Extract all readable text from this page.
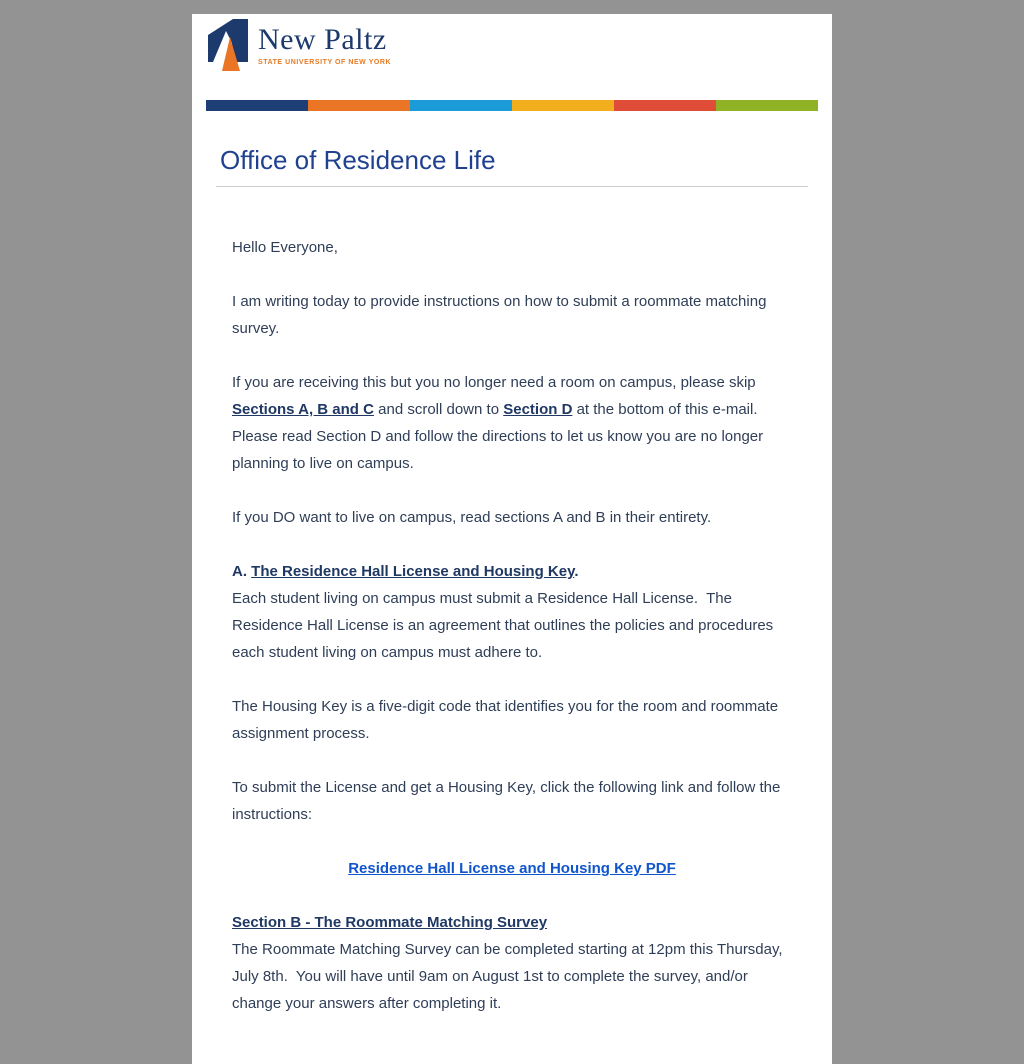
New Paltz
STATE UNIVERSITY OF NEW YORK
Office of Residence Life
Hello Everyone,
I am writing today to provide instructions on how to submit a roommate matching survey.
If you are receiving this but you no longer need a room on campus, please skip Sections A, B and C and scroll down to Section D at the bottom of this e-mail.  Please read Section D and follow the directions to let us know you are no longer planning to live on campus.
If you DO want to live on campus, read sections A and B in their entirety.
A. The Residence Hall License and Housing Key.
Each student living on campus must submit a Residence Hall License.  The Residence Hall License is an agreement that outlines the policies and procedures each student living on campus must adhere to.
The Housing Key is a five-digit code that identifies you for the room and roommate assignment process.
To submit the License and get a Housing Key, click the following link and follow the instructions:
Residence Hall License and Housing Key PDF
Section B - The Roommate Matching Survey
The Roommate Matching Survey can be completed starting at 12pm this Thursday, July 8th.  You will have until 9am on August 1st to complete the survey, and/or change your answers after completing it.
